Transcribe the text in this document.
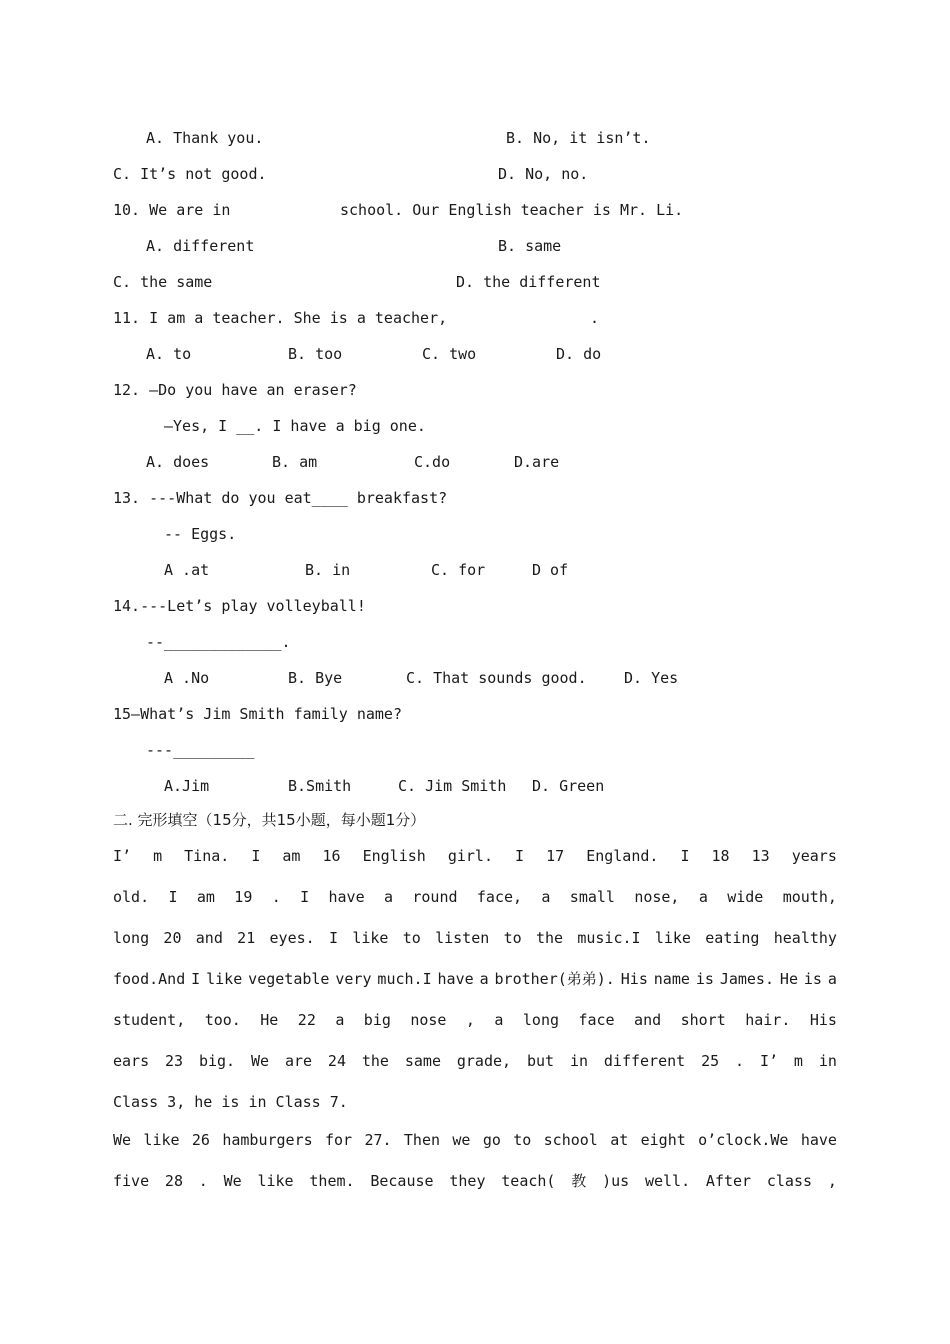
A. Thank you.	B. No, it isn’t.
C. It’s not good.	D. No, no.
10. We are in	school. Our English teacher is Mr. Li.
A. different	B. same
C. the same	D. the different
11. I am a teacher. She is a teacher,	.
A. to	B. too	C. two	D. do
12. —Do you have an eraser?
—Yes, I __. I have a big one.
A. does	B. am	C.do	D.are
13. ---What do you eat____ breakfast?
-- Eggs.
A .at	B. in	C. for	D of
14.---Let’s play volleyball!
--_____________.
A .No	B. Bye	C. That sounds good. D. Yes
15—What’s Jim Smith family name?
---_________
A.Jim	B.Smith	C. Jim Smith D. Green
二. 完形填空（15分，共15小题，每小题1分）
I’ m Tina. I am 16 English girl. I 17 England. I 18 13 years
old. I am 19 . I have a round face, a small nose, a wide mouth,
long 20 and 21 eyes. I like to listen to the music.I like eating healthy
food.And I like vegetable very much.I have a brother(弟弟). His name is James. He is a
student, too. He 22 a big nose , a long face and short hair. His
ears 23 big. We are 24 the same grade, but in different 25 . I’ m in
Class 3, he is in Class 7.
We like 26 hamburgers for 27. Then we go to school at eight o’clock.We have
five 28 . We like them. Because they teach( 教 )us well. After class ,
